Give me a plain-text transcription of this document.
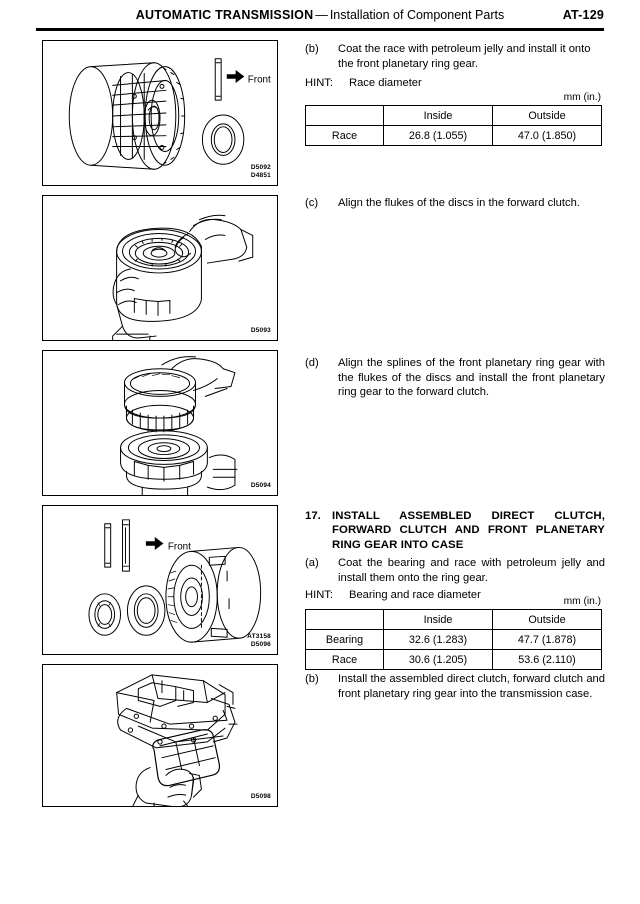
AUTOMATIC TRANSMISSION — Installation of Component Parts	AT-129
Front
D5092
D4851
D5093
D5094
Front
AT3158
D5096
D5098
(b)	Coat the race with petroleum jelly and install it onto the front planetary ring gear.
HINT: Race diameter
mm (in.)
	Inside	Outside
Race	26.8 (1.055)	47.0 (1.850)
(c)	Align the flukes of the discs in the forward clutch.
(d)	Align the splines of the front planetary ring gear with the flukes of the discs and install the front planetary ring gear to the forward clutch.
17. INSTALL ASSEMBLED DIRECT CLUTCH, FORWARD CLUTCH AND FRONT PLANETARY RING GEAR INTO CASE
(a)	Coat the bearing and race with petroleum jelly and install them onto the ring gear.
HINT: Bearing and race diameter
mm (in.)
	Inside	Outside
Bearing	32.6 (1.283)	47.7 (1.878)
Race	30.6 (1.205)	53.6 (2.110)
(b)	Install the assembled direct clutch, forward clutch and front planetary ring gear into the transmission case.
